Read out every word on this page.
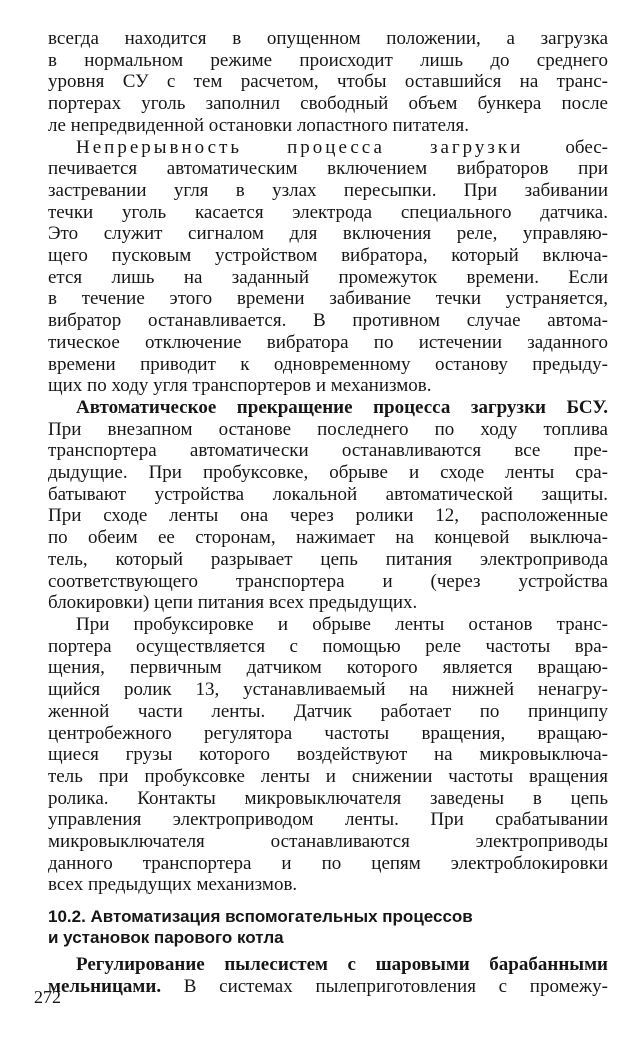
всегда находится в опущенном положении, а загрузка
в нормальном режиме происходит лишь до среднего
уровня СУ с тем расчетом, чтобы оставшийся на транс-
портерах уголь заполнил свободный объем бункера после
ле непредвиденной остановки лопастного питателя.

Непрерывность процесса загрузки обес-
печивается автоматическим включением вибраторов при
застревании угля в узлах пересыпки. При забивании
течки уголь касается электрода специального датчика.
Это служит сигналом для включения реле, управляю-
щего пусковым устройством вибратора, который включа-
ется лишь на заданный промежуток времени. Если
в течение этого времени забивание течки устраняется,
вибратор останавливается. В противном случае автома-
тическое отключение вибратора по истечении заданного
времени приводит к одновременному останову предыду-
щих по ходу угля транспортеров и механизмов.

Автоматическое прекращение процесса загрузки БСУ.
При внезапном останове последнего по ходу топлива
транспортера автоматически останавливаются все пре-
дыдущие. При пробуксовке, обрыве и сходе ленты сра-
батывают устройства локальной автоматической защиты.
При сходе ленты она через ролики 12, расположенные
по обеим ее сторонам, нажимает на концевой выключа-
тель, который разрывает цепь питания электропривода
соответствующего транспортера и (через устройства
блокировки) цепи питания всех предыдущих.

При пробуксировке и обрыве ленты останов транс-
портера осуществляется с помощью реле частоты вра-
щения, первичным датчиком которого является вращаю-
щийся ролик 13, устанавливаемый на нижней ненагру-
женной части ленты. Датчик работает по принципу
центробежного регулятора частоты вращения, вращаю-
щиеся грузы которого воздействуют на микровыключа-
тель при пробуксовке ленты и снижении частоты вращения
ролика. Контакты микровыключателя заведены в цепь
управления электроприводом ленты. При срабатывании
микровыключателя останавливаются электроприводы
данного транспортера и по цепям электроблокировки
всех предыдущих механизмов.

10.2. Автоматизация вспомогательных процессов
и установок парового котла

Регулирование пылесистем с шаровыми барабанными
мельницами. В системах пылеприготовления с промежу-

272
